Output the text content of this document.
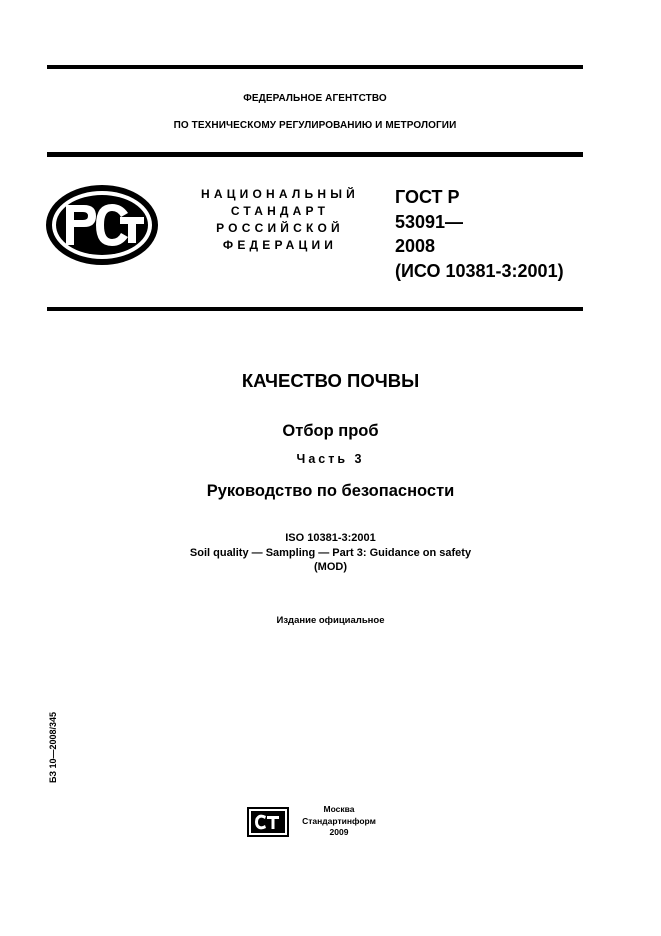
ФЕДЕРАЛЬНОЕ АГЕНТСТВО
ПО ТЕХНИЧЕСКОМУ РЕГУЛИРОВАНИЮ И МЕТРОЛОГИИ
НАЦИОНАЛЬНЫЙ
СТАНДАРТ
РОССИЙСКОЙ
ФЕДЕРАЦИИ
ГОСТ Р
53091—
2008
(ИСО 10381-3:2001)
КАЧЕСТВО ПОЧВЫ
Отбор проб
Часть 3
Руководство по безопасности
ISO 10381-3:2001
Soil quality — Sampling — Part 3: Guidance on safety
(MOD)
Издание официальное
БЗ 10—2008/345
Москва
Стандартинформ
2009
